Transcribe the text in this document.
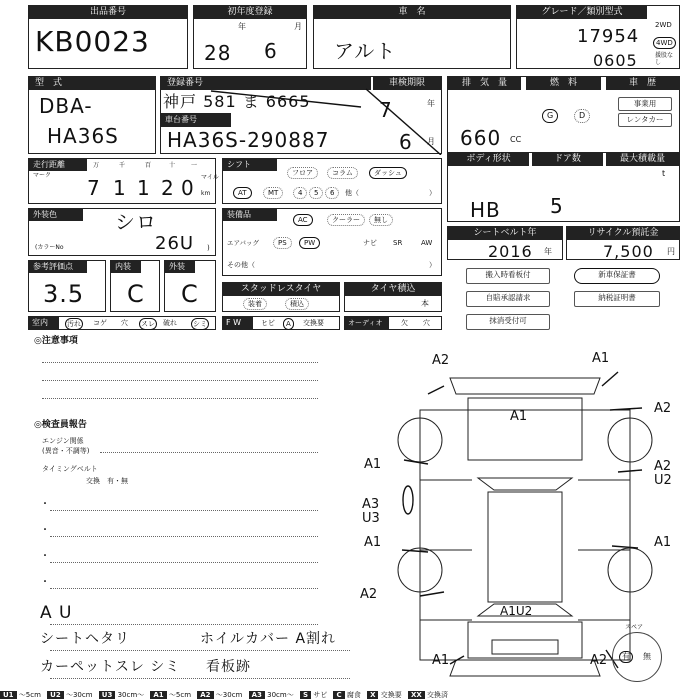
出品番号
KB0023
初年度登録
年	月
28 6
車　名
アルト
グレード／類別型式
17954
0605
2WD
4WD
援股なし
型　式
DBA-
HA36S
登録番号	車検期限
神戸 581 ま 6665
車台番号
HA36S-290887
7	年
6 月
排　気　量	燃　料	車　歴
660 CC
G	D
事業用
レンタカー
走行距離
マーク
万	千	百	十	一
7 1 1 2 0 マイル
km
シフト
フロア	コラム	ダッシュ
AT	MT	4	5	6	他（	）
ボディ形状	ドア数	最大積載量
HB 5
t
外装色	シロ
(カラーNo	26U )
装備品
AC	クーラー	無し
エアバッグ	PS	PW	ナビ SR	AW
その他（	）
シートベルト年
2016 年
リサイクル預託金
7,500 円
参考評価点
3.5
内装
C
外装
C	スタッドレスタイヤ
装着	積込
タイヤ積込
本
搬入時看板付	新車保証書
自賠承認請求	納税証明書
抹消受付可
室内	汚れ コゲ 穴 スレ 破れ シミ	F W	ヒビ	A	交換要	オーディオ	欠 穴
◎注意事項
◎検査員報告
エンジン関係
(異音・不調等)
タイミングベルト
交換　有・無
・
・
・
・
A U
シートヘタリ	ホイルカバー A割れ
カーペットスレ シミ 看板跡
A2	A1
A1
A2
A1	A2
U2
A3
U3
A1	A1
A2
A1U2
A2
A1
スペア
有	無
U1 ～5cm U2 ～30cm U3 30cm～ A1 ～5cm A2 ～30cm A3 30cm～ S サビ C 腐食 X 交換要 XX 交換済
